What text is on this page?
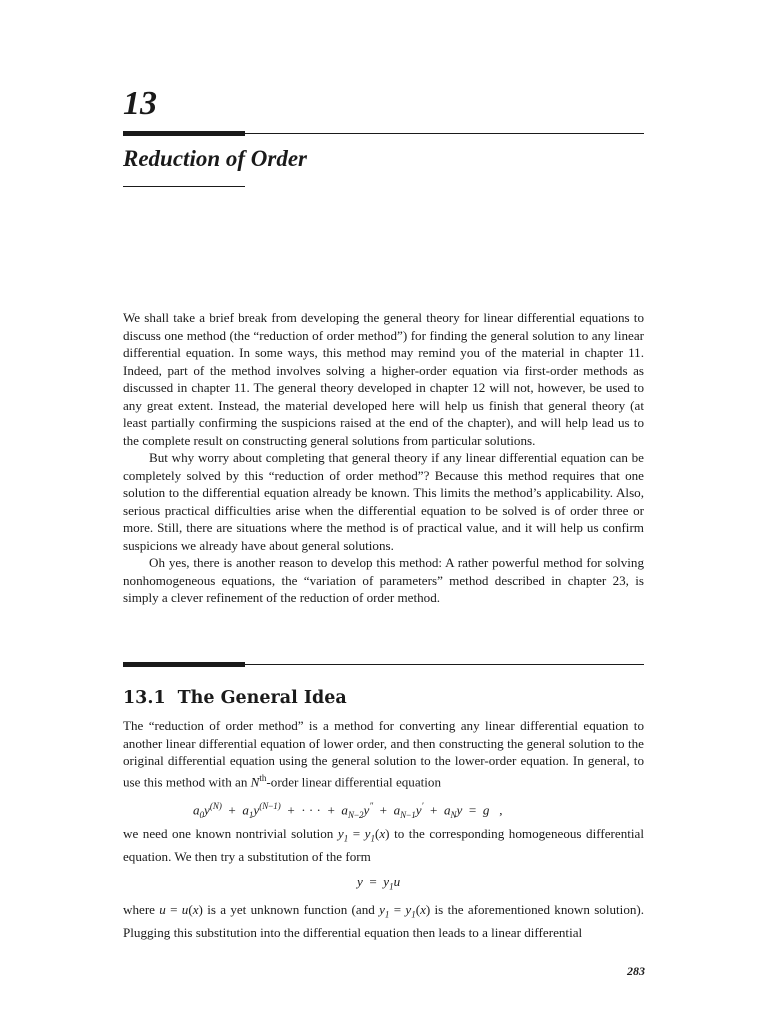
13
Reduction of Order

We shall take a brief break from developing the general theory for linear differential equations to discuss one method (the “reduction of order method”) for finding the general solution to any linear differential equation. In some ways, this method may remind you of the material in chapter 11. Indeed, part of the method involves solving a higher-order equation via first-order methods as discussed in chapter 11. The general theory developed in chapter 12 will not, however, be used to any great extent. Instead, the material developed here will help us finish that general theory (at least partially confirming the suspicions raised at the end of the chapter), and will help lead us to the complete result on constructing general solutions from particular solutions.

But why worry about completing that general theory if any linear differential equation can be completely solved by this “reduction of order method”? Because this method requires that one solution to the differential equation already be known. This limits the method’s applicability. Also, serious practical difficulties arise when the differential equation to be solved is of order three or more. Still, there are situations where the method is of practical value, and it will help us confirm suspicions we already have about general solutions.

Oh yes, there is another reason to develop this method: A rather powerful method for solving nonhomogeneous equations, the “variation of parameters” method described in chapter 23, is simply a clever refinement of the reduction of order method.

13.1 The General Idea

The “reduction of order method” is a method for converting any linear differential equation to another linear differential equation of lower order, and then constructing the general solution to the original differential equation using the general solution to the lower-order equation. In general, to use this method with an $N^{th}$-order linear differential equation

$a_0y^{(N)} + a_1y^{(N-1)}$ + · · · +  $a_{N-2}y'' + a_{N-1}y' + a_Ny = g$   ,

we need one known nontrivial solution $y_1 = y_1(x)$ to the corresponding homogeneous differential equation. We then try a substitution of the form

$y = y_1u$

where u = u(x) is a yet unknown function (and $y_1 = y_1(x)$ is the aforementioned known solution). Plugging this substitution into the differential equation then leads to a linear differential

283
